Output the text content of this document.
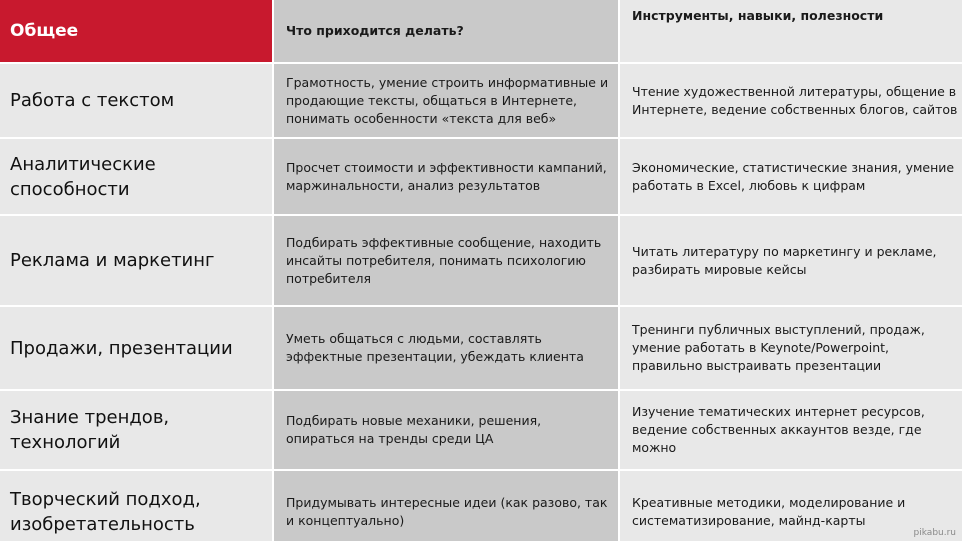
Общее	Что приходится делать?
Инструменты, навыки, полезности
Работа с текстом
Грамотность, умение строить информативные и продающие тексты, общаться в Интернете, понимать особенности «текста для веб»
Чтение художественной литературы, общение в Интернете, ведение собственных блогов, сайтов
Аналитические способности
Просчет стоимости и эффективности кампаний, маржинальности, анализ результатов
Экономические, статистические знания, умение работать в Excel, любовь к цифрам
Реклама и маркетинг
Подбирать эффективные сообщение, находить инсайты потребителя, понимать психологию потребителя
Читать литературу по маркетингу и рекламе, разбирать мировые кейсы
Продажи, презентации	Уметь общаться с людьми, составлять эффектные презентации, убеждать клиента
Тренинги публичных выступлений, продаж, умение работать в Keynote/Powerpoint, правильно выстраивать презентации
Знание трендов, технологий
Подбирать новые механики, решения, опираться на тренды среди ЦА
Изучение тематических интернет ресурсов, ведение собственных аккаунтов везде, где можно
Творческий подход, изобретательность
Придумывать интересные идеи (как разово, так и концептуально)
Креативные методики, моделирование и систематизирование, майнд-карты
pikabu.ru
